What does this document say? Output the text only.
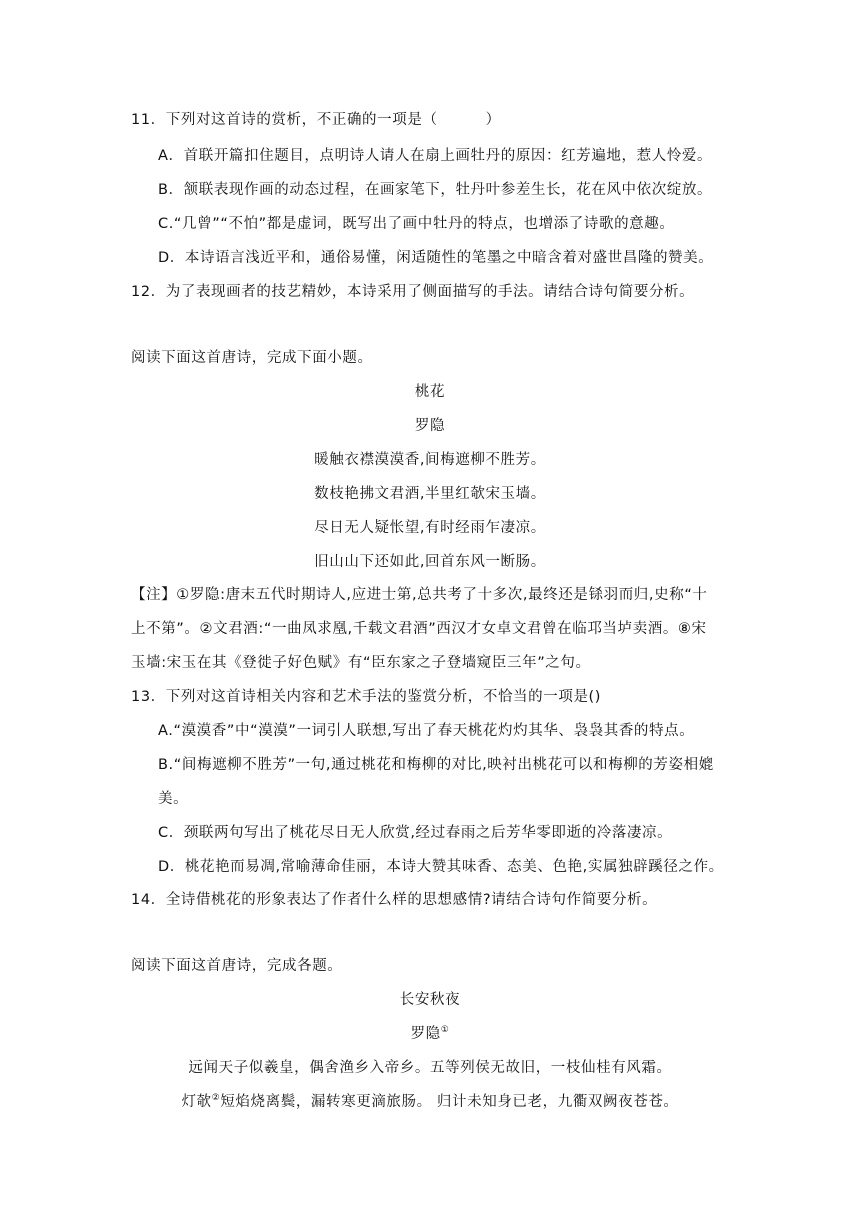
11．下列对这首诗的赏析，不正确的一项是（	）
A．首联开篇扣住题目，点明诗人请人在扇上画牡丹的原因：红芳遍地，惹人怜爱。
B．颔联表现作画的动态过程，在画家笔下，牡丹叶参差生长，花在风中依次绽放。
C.“几曾”“不怕”都是虚词，既写出了画中牡丹的特点，也增添了诗歌的意趣。
D．本诗语言浅近平和，通俗易懂，闲适随性的笔墨之中暗含着对盛世昌隆的赞美。
12．为了表现画者的技艺精妙，本诗采用了侧面描写的手法。请结合诗句简要分析。
阅读下面这首唐诗，完成下面小题。
桃花
罗隐
暖触衣襟漠漠香,间梅遮柳不胜芳。
数枝艳拂文君酒,半里红欹宋玉墙。
尽日无人疑怅望,有时经雨乍凄凉。
旧山山下还如此,回首东风一断肠。
【注】①罗隐:唐末五代时期诗人,应进士第,总共考了十多次,最终还是铩羽而归,史称“十
上不第”。②文君酒:“一曲凤求凰,千载文君酒”西汉才女卓文君曾在临邛当垆卖酒。⑧宋
玉墙:宋玉在其《登徙子好色赋》有“臣东家之子登墙窥臣三年”之句。
13．下列对这首诗相关内容和艺术手法的鉴赏分析，不恰当的一项是()
A.“漠漠香”中“漠漠”一词引人联想,写出了春天桃花灼灼其华、袅袅其香的特点。
B.“间梅遮柳不胜芳”一句,通过桃花和梅柳的对比,映衬出桃花可以和梅柳的芳姿相媲
美。
C．颈联两句写出了桃花尽日无人欣赏,经过春雨之后芳华零即逝的冷落凄凉。
D．桃花艳而易凋,常喻薄命佳丽，本诗大赞其味香、态美、色艳,实属独辟蹊径之作。
14．全诗借桃花的形象表达了作者什么样的思想感情?请结合诗句作简要分析。
阅读下面这首唐诗，完成各题。
长安秋夜
罗隐①
远闻天子似羲皇，偶舍渔乡入帝乡。五等列侯无故旧，一枝仙桂有风霜。
灯欹②短焰烧离鬓，漏转寒更滴旅肠。 归计未知身已老，九衢双阙夜苍苍。
